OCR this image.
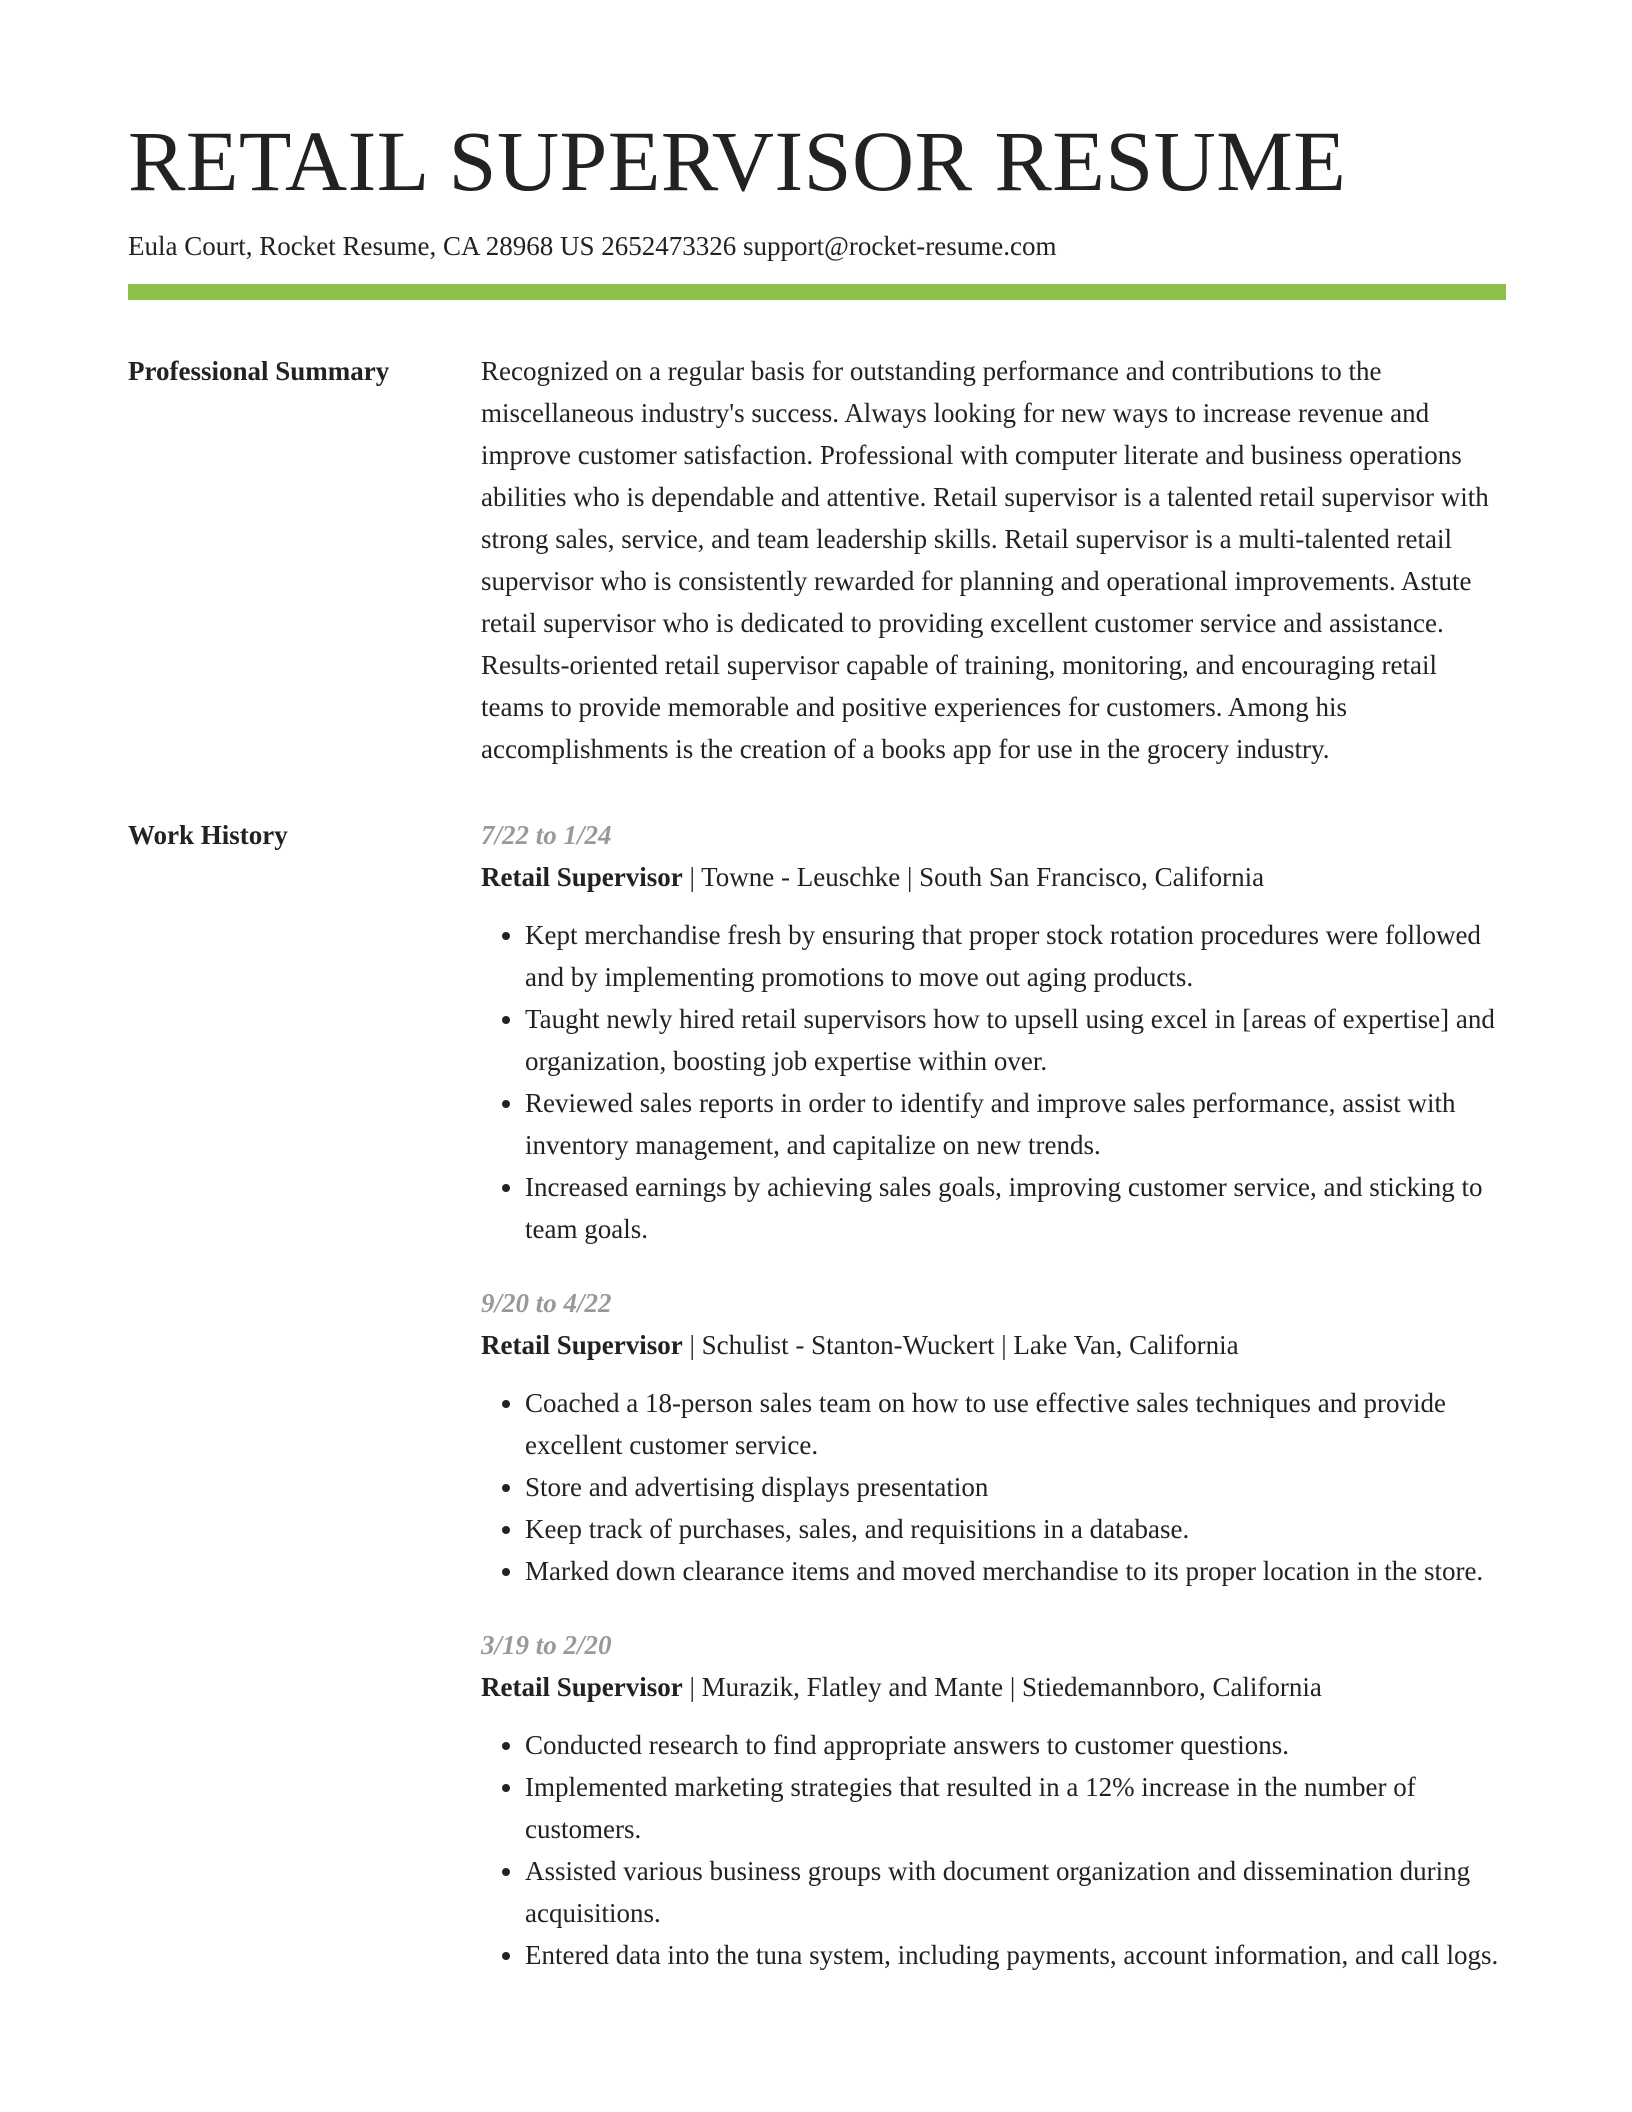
RETAIL SUPERVISOR RESUME
Eula Court, Rocket Resume, CA 28968 US 2652473326 support@rocket-resume.com
Professional Summary	Recognized on a regular basis for outstanding performance and contributions to the miscellaneous industry's success. Always looking for new ways to increase revenue and improve customer satisfaction. Professional with computer literate and business operations abilities who is dependable and attentive. Retail supervisor is a talented retail supervisor with strong sales, service, and team leadership skills. Retail supervisor is a multi-talented retail supervisor who is consistently rewarded for planning and operational improvements. Astute retail supervisor who is dedicated to providing excellent customer service and assistance. Results-oriented retail supervisor capable of training, monitoring, and encouraging retail teams to provide memorable and positive experiences for customers. Among his accomplishments is the creation of a books app for use in the grocery industry.

Work History	7/22 to 1/24
Retail Supervisor | Towne - Leuschke | South San Francisco, California
• Kept merchandise fresh by ensuring that proper stock rotation procedures were followed and by implementing promotions to move out aging products.
• Taught newly hired retail supervisors how to upsell using excel in [areas of expertise] and organization, boosting job expertise within over.
• Reviewed sales reports in order to identify and improve sales performance, assist with inventory management, and capitalize on new trends.
• Increased earnings by achieving sales goals, improving customer service, and sticking to team goals.
9/20 to 4/22
Retail Supervisor | Schulist - Stanton-Wuckert | Lake Van, California
• Coached a 18-person sales team on how to use effective sales techniques and provide excellent customer service.
• Store and advertising displays presentation
• Keep track of purchases, sales, and requisitions in a database.
• Marked down clearance items and moved merchandise to its proper location in the store.
3/19 to 2/20
Retail Supervisor | Murazik, Flatley and Mante | Stiedemannboro, California
• Conducted research to find appropriate answers to customer questions.
• Implemented marketing strategies that resulted in a 12% increase in the number of customers.
• Assisted various business groups with document organization and dissemination during acquisitions.
• Entered data into the tuna system, including payments, account information, and call logs.
